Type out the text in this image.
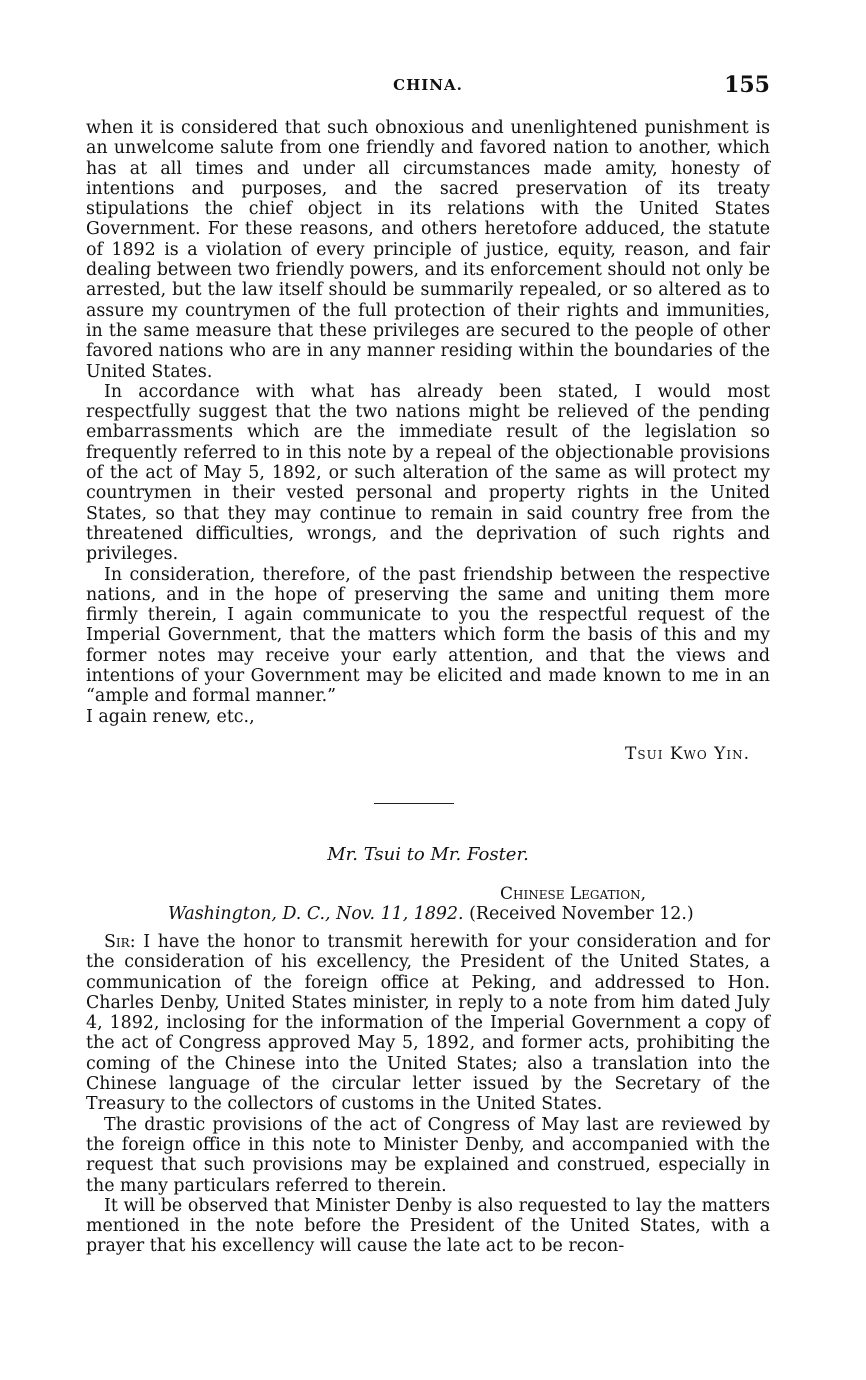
CHINA.	155

when it is considered that such obnoxious and unenlightened punishment is an unwelcome salute from one friendly and favored nation to another, which has at all times and under all circumstances made amity, honesty of intentions and purposes, and the sacred preservation of its treaty stipulations the chief object in its relations with the United States Government. For these reasons, and others heretofore adduced, the statute of 1892 is a violation of every principle of justice, equity, reason, and fair dealing between two friendly powers, and its enforcement should not only be arrested, but the law itself should be summarily repealed, or so altered as to assure my countrymen of the full protection of their rights and immunities, in the same measure that these privileges are secured to the people of other favored nations who are in any manner residing within the boundaries of the United States.

In accordance with what has already been stated, I would most respectfully suggest that the two nations might be relieved of the pending embarrassments which are the immediate result of the legislation so frequently referred to in this note by a repeal of the objectionable provisions of the act of May 5, 1892, or such alteration of the same as will protect my countrymen in their vested personal and property rights in the United States, so that they may continue to remain in said country free from the threatened difficulties, wrongs, and the deprivation of such rights and privileges.

In consideration, therefore, of the past friendship between the respective nations, and in the hope of preserving the same and uniting them more firmly therein, I again communicate to you the respectful request of the Imperial Government, that the matters which form the basis of this and my former notes may receive your early attention, and that the views and intentions of your Government may be elicited and made known to me in an “ample and formal manner.”

I again renew, etc.,

Tsui Kwo Yin.
Mr. Tsui to Mr. Foster.
Chinese Legation,
Washington, D. C., Nov. 11, 1892. (Received November 12.)

Sir: I have the honor to transmit herewith for your consideration and for the consideration of his excellency, the President of the United States, a communication of the foreign office at Peking, and addressed to Hon. Charles Denby, United States minister, in reply to a note from him dated July 4, 1892, inclosing for the information of the Imperial Government a copy of the act of Congress approved May 5, 1892, and former acts, prohibiting the coming of the Chinese into the United States; also a translation into the Chinese language of the circular letter issued by the Secretary of the Treasury to the collectors of customs in the United States.

The drastic provisions of the act of Congress of May last are reviewed by the foreign office in this note to Minister Denby, and accompanied with the request that such provisions may be explained and construed, especially in the many particulars referred to therein.

It will be observed that Minister Denby is also requested to lay the matters mentioned in the note before the President of the United States, with a prayer that his excellency will cause the late act to be recon-
